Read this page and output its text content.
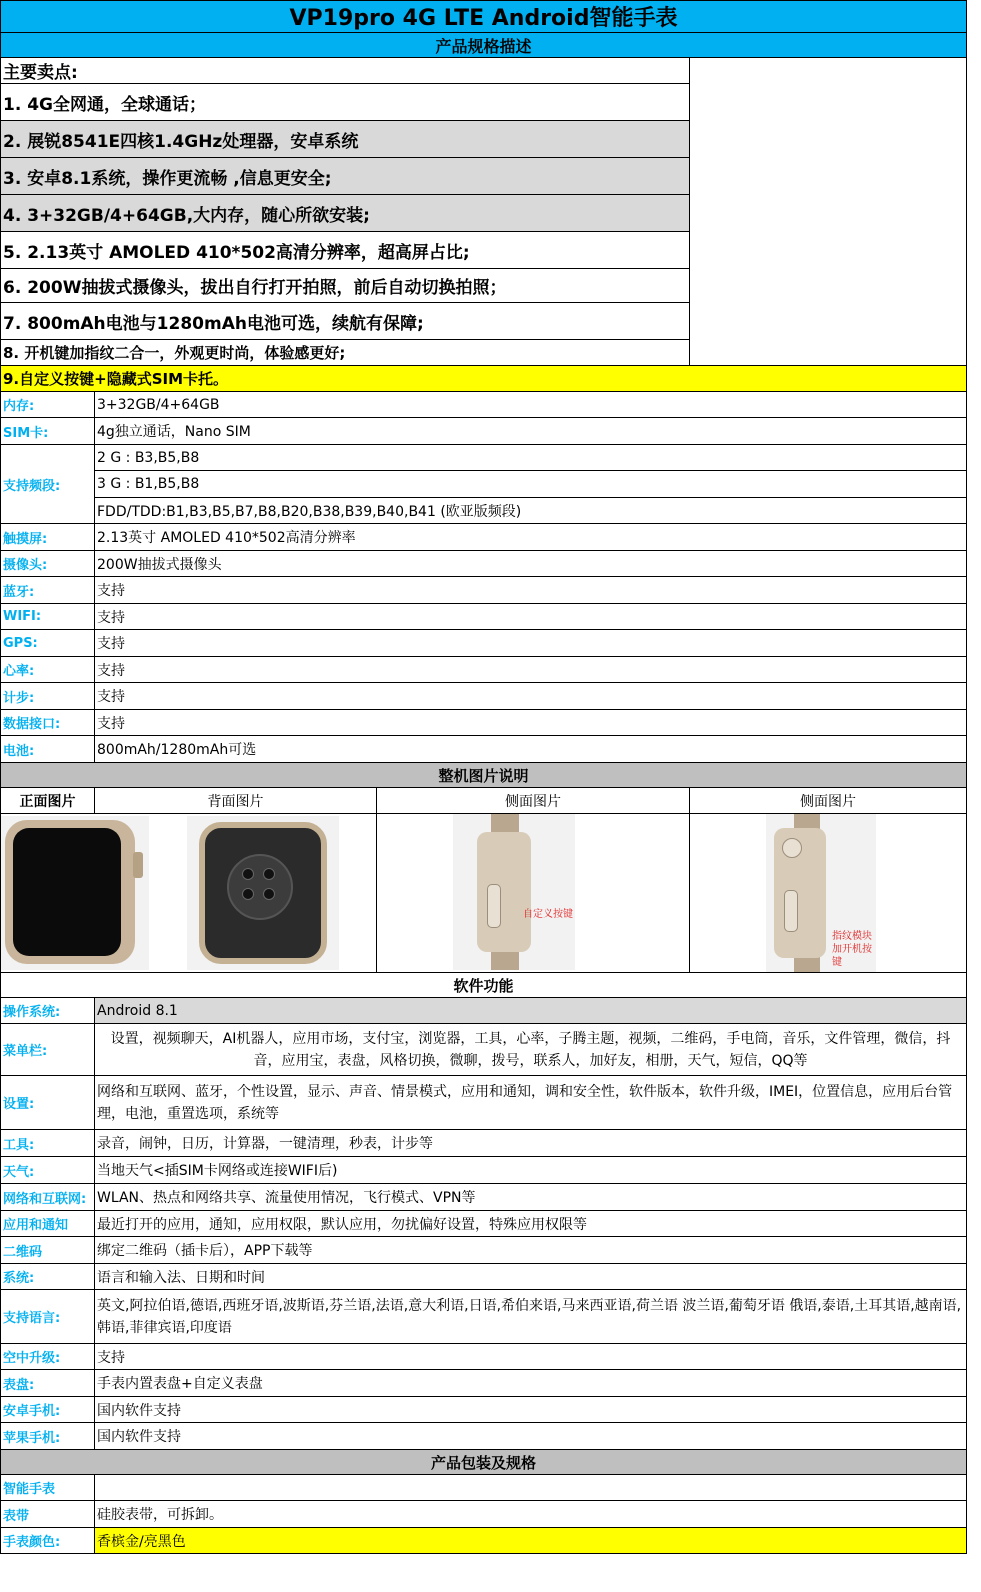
VP19pro 4G LTE Android智能手表			
产品规格描述			
主要卖点:			
1. 4G全网通，全球通话；			
2. 展锐8541E四核1.4GHz处理器，安卓系统			
3. 安卓8.1系统，操作更流畅 ,信息更安全;			
4. 3+32GB/4+64GB,大内存，随心所欲安装;			
5. 2.13英寸 AMOLED 410*502高清分辨率，超高屏占比;			
6. 200W抽拔式摄像头，拔出自行打开拍照，前后自动切换拍照；			
7. 800mAh电池与1280mAh电池可选，续航有保障;			
8. 开机键加指纹二合一，外观更时尚，体验感更好;			
9.自定义按键+隐藏式SIM卡托。			
内存:	3+32GB/4+64GB		
SIM卡:	4g独立通话，Nano SIM		
支持频段:	2 G : B3,B5,B8		
	3 G : B1,B5,B8		
	FDD/TDD:B1,B3,B5,B7,B8,B20,B38,B39,B40,B41 (欧亚版频段)		
触摸屏:	2.13英寸 AMOLED 410*502高清分辨率		
摄像头:	200W抽拔式摄像头		
蓝牙:	支持		
WIFI:	支持		
GPS:	支持		
心率:	支持		
计步:	支持		
数据接口:	支持		
电池:	800mAh/1280mAh可选		
整机图片说明			
正面图片	背面图片	侧面图片	侧面图片

		自定义按键	指纹模块加开机按键

软件功能			
操作系统:	Android 8.1		
菜单栏:	设置，视频聊天，AI机器人，应用市场，支付宝，浏览器，工具，心率，子腾主题，视频，二维码，手电筒，音乐，文件管理，微信，抖音，应用宝，表盘，风格切换，微聊，拨号，联系人，加好友，相册，天气，短信，QQ等		
设置:	网络和互联网、蓝牙，个性设置，显示、声音、情景模式，应用和通知，调和安全性，软件版本，软件升级，IMEI，位置信息，应用后台管理，电池，重置选项，系统等		
工具:	录音，闹钟，日历，计算器，一键清理，秒表，计步等		
天气:	当地天气<插SIM卡网络或连接WIFI后)		
网络和互联网:	WLAN、热点和网络共享、流量使用情况，飞行模式、VPN等		
应用和通知	最近打开的应用，通知，应用权限，默认应用，勿扰偏好设置，特殊应用权限等		
二维码	绑定二维码（插卡后），APP下载等		
系统:	语言和输入法、日期和时间		
支持语言:	英文,阿拉伯语,德语,西班牙语,波斯语,芬兰语,法语,意大利语,日语,希伯来语,马来西亚语,荷兰语 波兰语,葡萄牙语 俄语,泰语,土耳其语,越南语,韩语,菲律宾语,印度语		
空中升级:	支持		
表盘:	手表内置表盘+自定义表盘		
安卓手机:	国内软件支持		
苹果手机:	国内软件支持		
产品包装及规格			
智能手表			
表带	硅胶表带，可拆卸。		
手表颜色:	香槟金/亮黑色		
